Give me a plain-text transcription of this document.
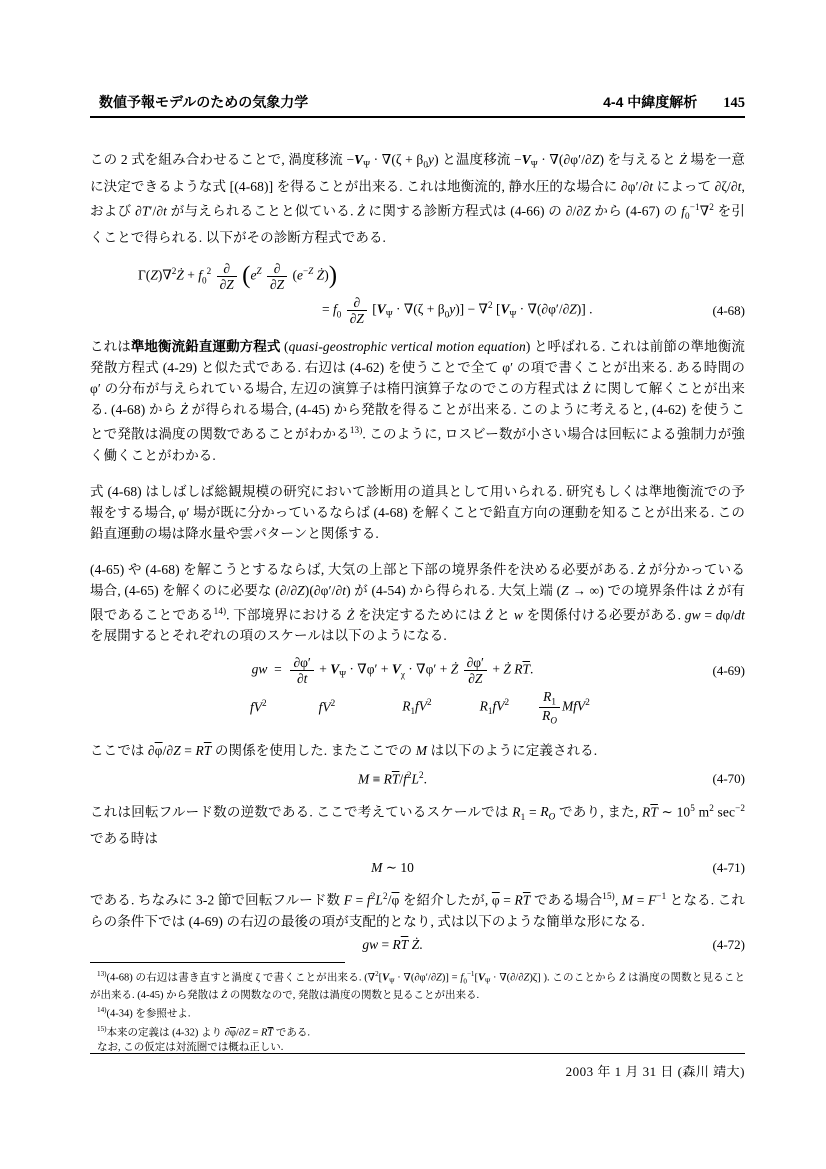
数値予報モデルのための気象力学	4-4 中緯度解析 145

この 2 式を組み合わせることで, 渦度移流 $-V_\Psi \cdot \nabla(\zeta + \beta_0y)$ と温度移流 $-V_\Psi \cdot \nabla(\partial\varphi'/\partial Z)$ を与えると Ż 場を一意に決定できるような式 [(4-68)] を得ることが出来る. これは地衡流的, 静水圧的な場合に ∂φ′/∂t によって ∂ζ/∂t, および ∂T′/∂t が与えられることと似ている. Ż に関する診断方程式は (4-66) の ∂/∂Z から (4-67) の $f_0^{-1}\nabla^2$ を引くことで得られる. 以下がその診断方程式である.

Γ(Z)∇$^2$Ż + $f_0^2 \frac{\partial}{\partial Z} (e^Z \frac{\partial}{\partial Z} (e^{-Z}$ Ż))
= $f_0 \frac{\partial}{\partial Z} [V_\Psi \cdot \nabla(\zeta + \beta_0y)] - \nabla^2$ $[V_\Psi \cdot \nabla(\partial\varphi'/\partial Z)]$ .	(4-68)

これは準地衡流鉛直運動方程式 (quasi-geostrophic vertical motion equation) と呼ばれる. これは前節の準地衡流発散方程式 (4-29) と似た式である. 右辺は (4-62) を使うことで全て φ′ の項で書くことが出来る. ある時間の φ′ の分布が与えられている場合, 左辺の演算子は楕円演算子なのでこの方程式は Ż に関して解くことが出来る. (4-68) から Ż が得られる場合, (4-45) から発散を得ることが出来る. このように考えると, (4-62) を使うことで発散は渦度の関数であることがわかる$^{13)}$. このように, ロスビー数が小さい場合は回転による強制力が強く働くことがわかる.

式 (4-68) はしばしば総観規模の研究において診断用の道具として用いられる. 研究もしくは準地衡流での予報をする場合, φ′ 場が既に分かっているならば (4-68) を解くことで鉛直方向の運動を知ることが出来る. この鉛直運動の場は降水量や雲パターンと関係する.

(4-65) や (4-68) を解こうとするならば, 大気の上部と下部の境界条件を決める必要がある. Ż が分かっている場合, (4-65) を解くのに必要な (∂/∂Z)(∂φ′/∂t) が (4-54) から得られる. 大気上端 (Z → ∞) での境界条件は Ż が有限であることである$^{14)}$. 下部境界における Ż を決定するためには Ż と w を関係付ける必要がある. gw = dφ/dt を展開するとそれぞれの項のスケールは以下のようになる.

gw  = $\frac{\partial\varphi'}{\partial t} + V_\Psi \cdot \nabla\varphi' + V_\chi \cdot \nabla\varphi'$ + Ż $\frac{\partial\varphi'}{\partial Z}$ + Ż $R\overline{T}$.	(4-69)
$fV^2$	$fV^2$	$R_1fV^2$	$R_1fV^2 \frac{R_1}{R_O} MfV^2$

ここでは $\partial\overline{\varphi}/\partial Z = R\overline{T}$ の関係を使用した. またここでの M は以下のように定義される.

$M \equiv R\overline{T}/f^2L^2$.	(4-70)

これは回転フルード数の逆数である. ここで考えているスケールでは $R_1 = R_O$ であり, また, $R\overline{T}$ ∼ $10^5$ $m^2$ $\sec^{-2}$ である時は

M ∼ 10	(4-71)

である. ちなみに 3-2 節で回転フルード数 $F = f^2L^2/\overline{\varphi}$ を紹介したが, $\overline{\varphi} = R\overline{T}$ である場合$^{15)}$, $M = F^{-1}$ となる. これらの条件下では (4-69) の右辺の最後の項が支配的となり, 式は以下のような簡単な形になる.

gw = $R\overline{T}$ Ż.	(4-72)

$^{13)}$(4-68) の右辺は書き直すと渦度 ζ で書くことが出来る. ($\nabla^2[V_\Psi \cdot \nabla(\partial\varphi'/\partial Z)] = f_0^{-1}[V_\Psi \cdot \nabla(\partial/\partial Z)\zeta]$ ). このことから Ż は渦度の関数と見ることが出来る. (4-45) から発散は Ż の関数なので, 発散は渦度の関数と見ることが出来る.

$^{14)}$(4-34) を参照せよ.

$^{15)}$本来の定義は (4-32) より $\partial\overline{\varphi}/\partial Z = R\overline{T}$ である.

なお, この仮定は対流圏では概ね正しい.

2003 年 1 月 31 日 (森川 靖大)
